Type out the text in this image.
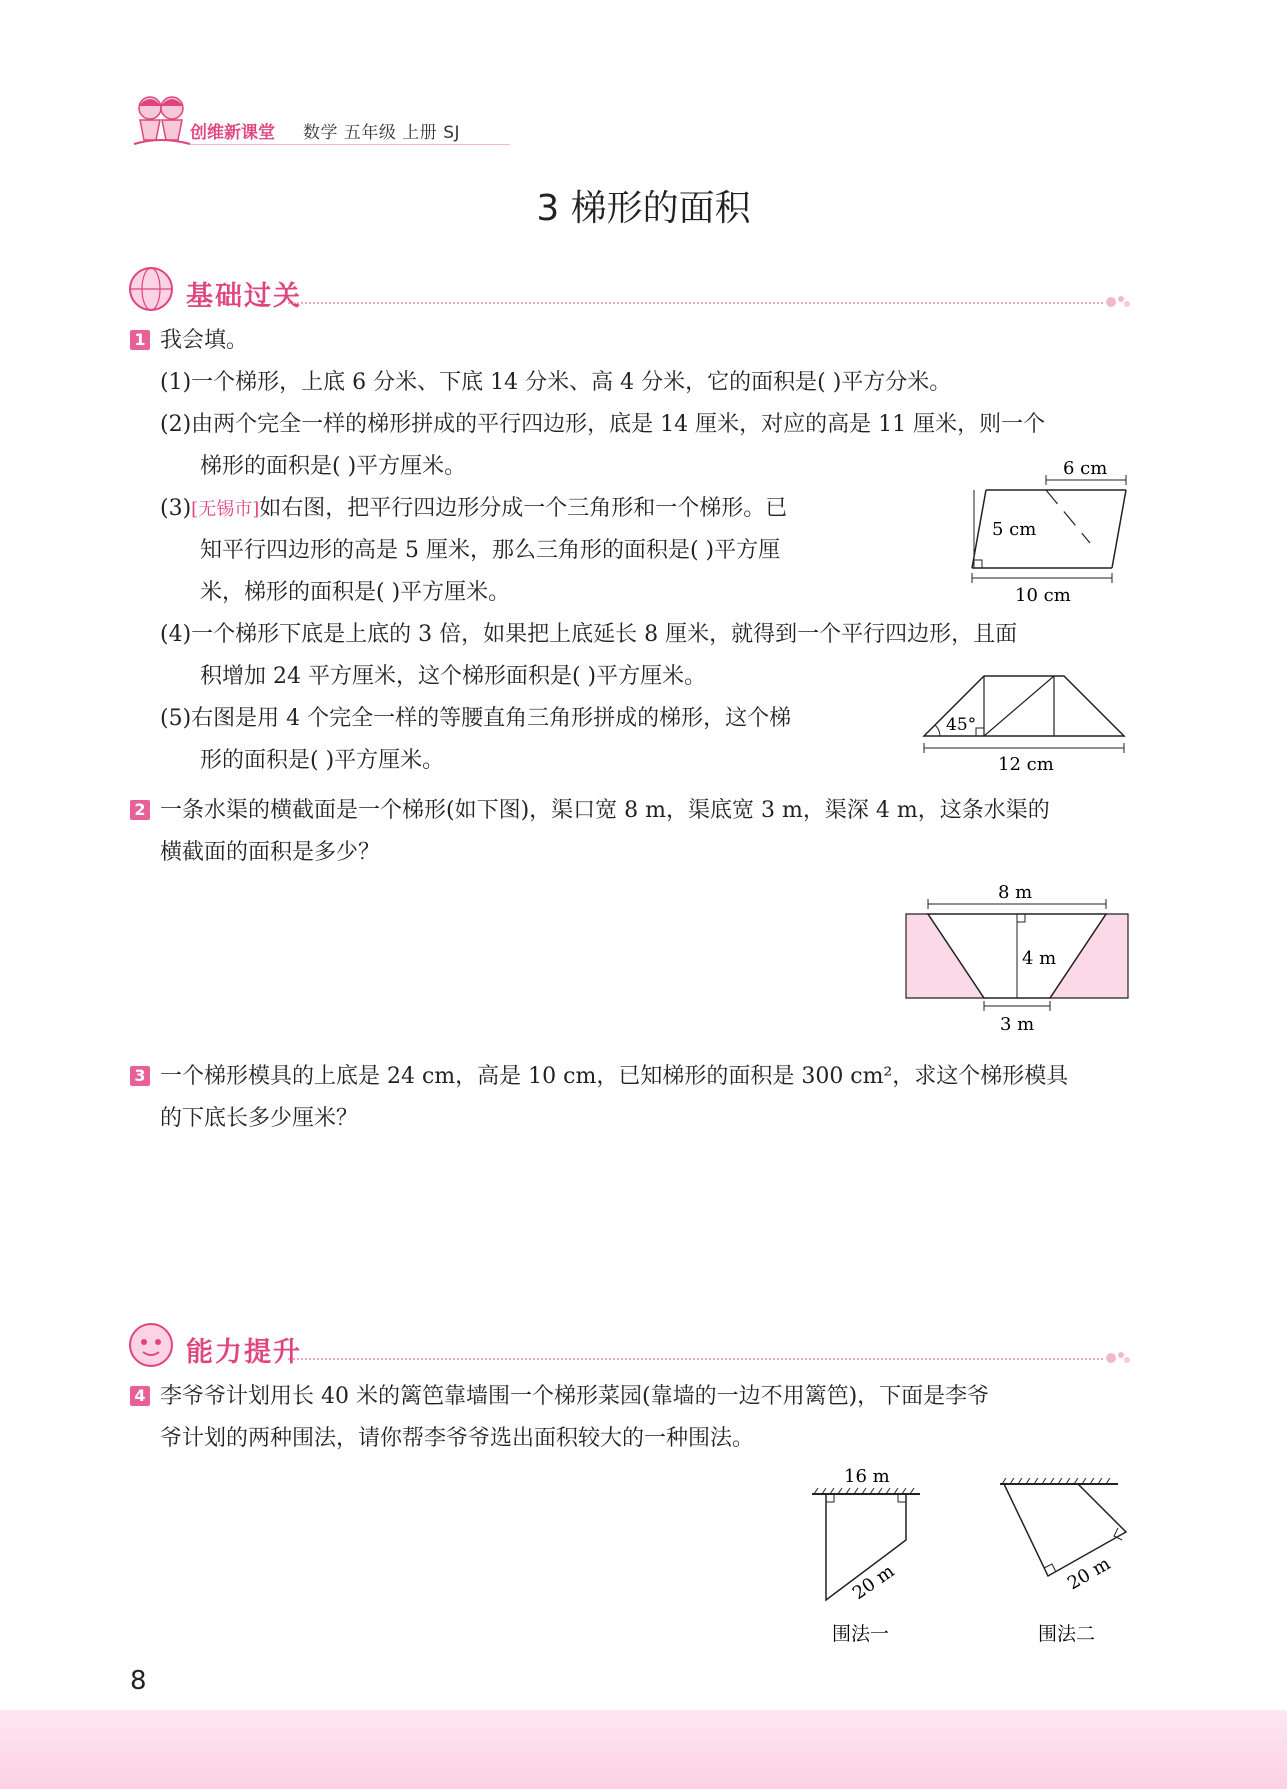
创维新课堂 数学 五年级 上册 SJ
3 梯形的面积
基础过关
1 我会填。
(1)一个梯形，上底 6 分米、下底 14 分米、高 4 分米，它的面积是( )平方分米。
(2)由两个完全一样的梯形拼成的平行四边形，底是 14 厘米，对应的高是 11 厘米，则一个
梯形的面积是( )平方厘米。
(3)[无锡市]如右图，把平行四边形分成一个三角形和一个梯形。已
知平行四边形的高是 5 厘米，那么三角形的面积是( )平方厘
米，梯形的面积是( )平方厘米。
(4)一个梯形下底是上底的 3 倍，如果把上底延长 8 厘米，就得到一个平行四边形，且面
积增加 24 平方厘米，这个梯形面积是( )平方厘米。
(5)右图是用 4 个完全一样的等腰直角三角形拼成的梯形，这个梯
形的面积是( )平方厘米。
6 cm
5 cm
10 cm
45°
12 cm
2 一条水渠的横截面是一个梯形(如下图)，渠口宽 8 m，渠底宽 3 m，渠深 4 m，这条水渠的
横截面的面积是多少？
8 m
4 m
3 m
3 一个梯形模具的上底是 24 cm，高是 10 cm，已知梯形的面积是 300 cm²，求这个梯形模具
的下底长多少厘米？
能力提升
4 李爷爷计划用长 40 米的篱笆靠墙围一个梯形菜园(靠墙的一边不用篱笆)，下面是李爷
爷计划的两种围法，请你帮李爷爷选出面积较大的一种围法。
16 m
20 m
围法一
20 m
围法二
8
